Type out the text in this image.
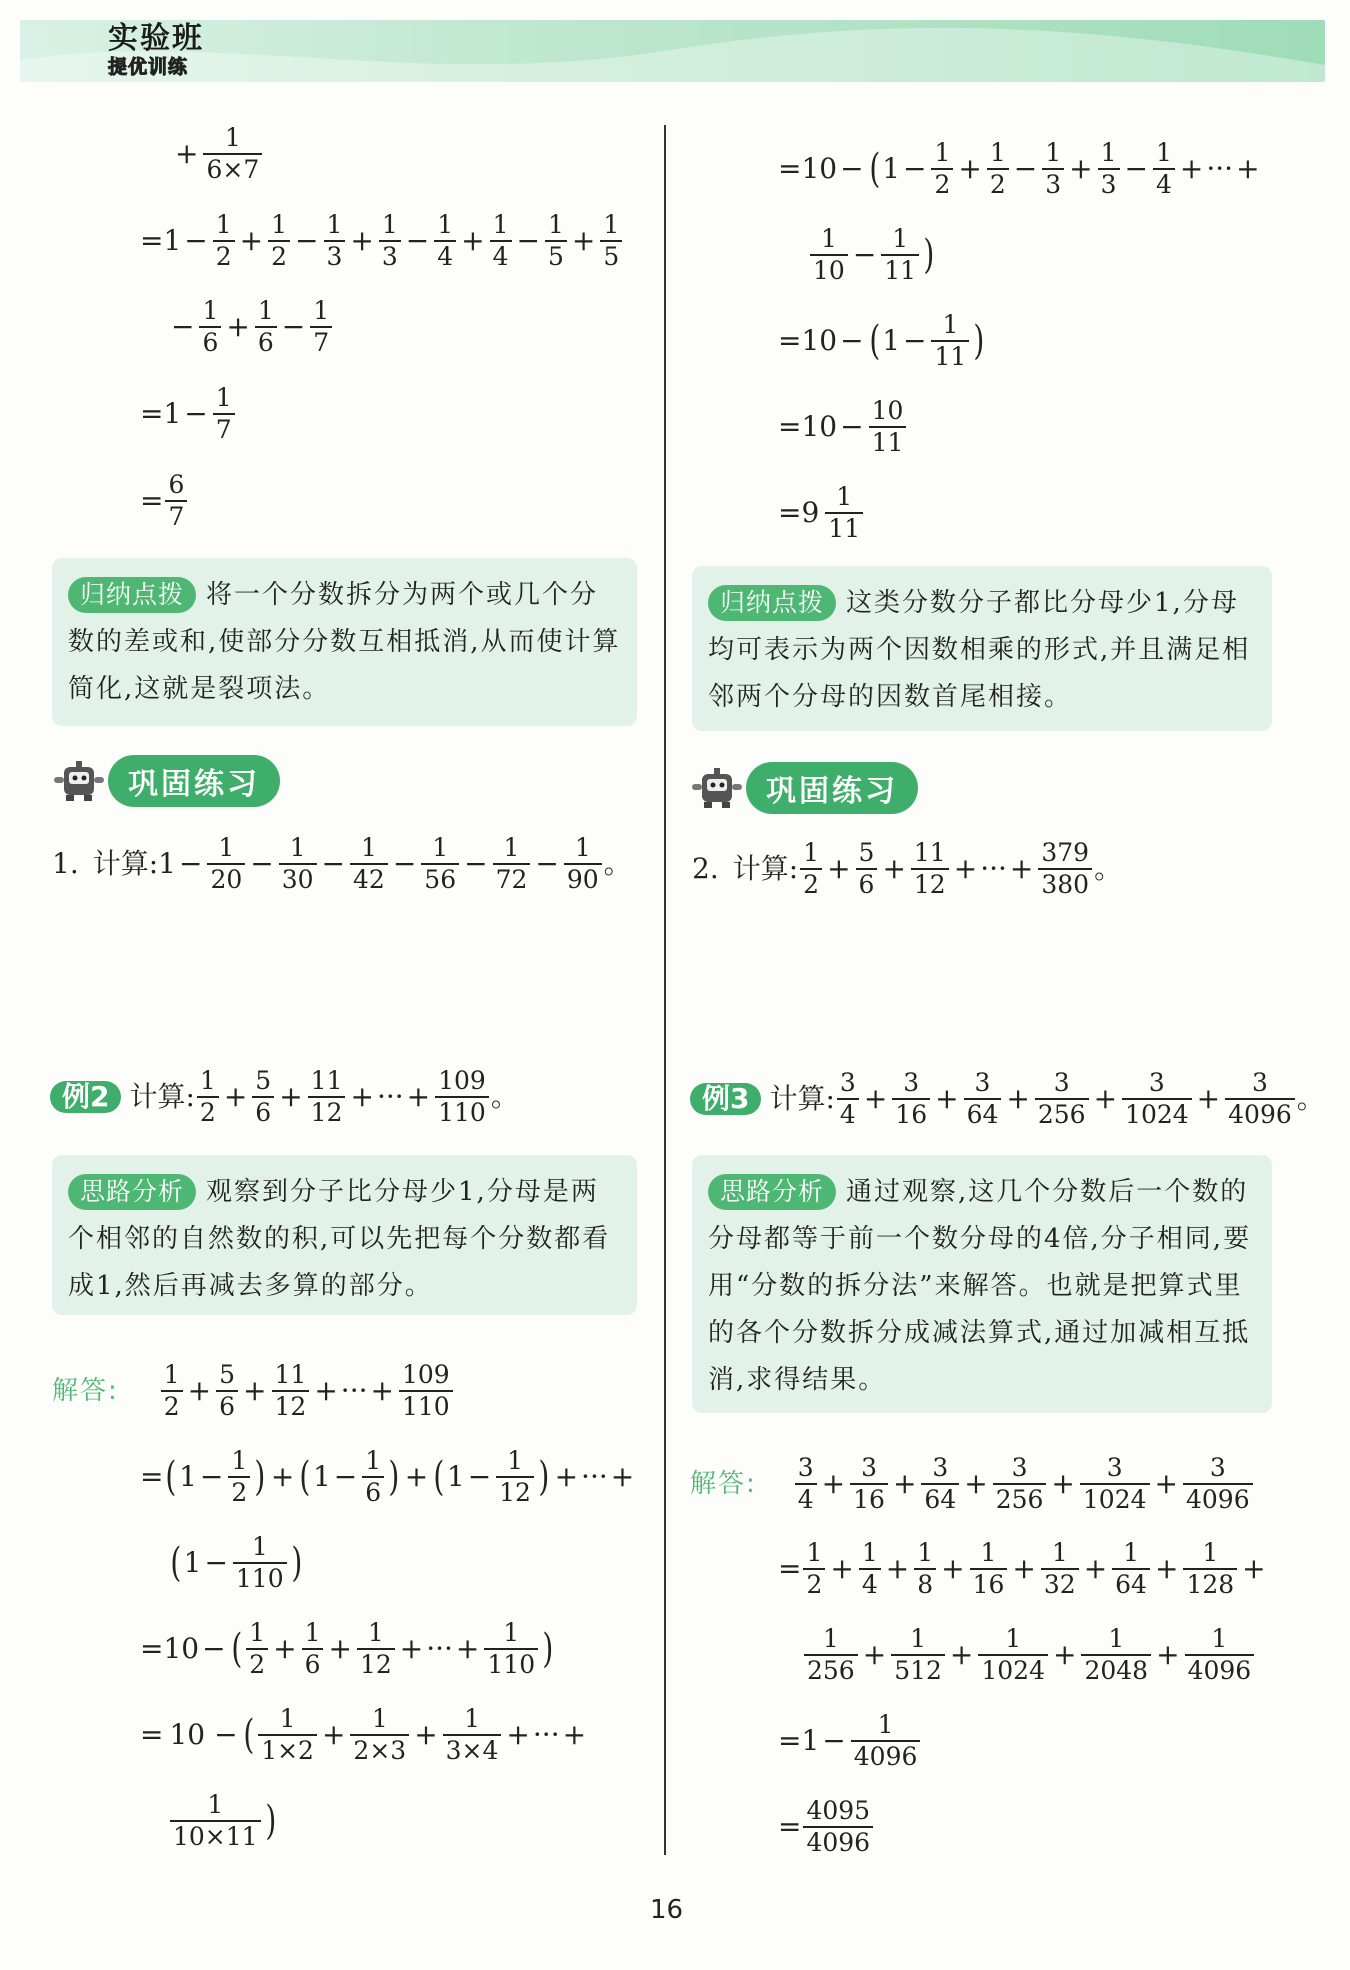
实验班
提优训练
+ $\frac{1}{6\times 7}$
= $1 - \frac{1}{2} + \frac{1}{2} - \frac{1}{3} + \frac{1}{3} - \frac{1}{4} + \frac{1}{4} - \frac{1}{5} + \frac{1}{5}$
− $\frac{1}{6} + \frac{1}{6} - \frac{1}{7}$
= $1 - \frac{1}{7}$
= $\frac{6}{7}$
归纳点拨 将一个分数拆分为两个或几个分数的差或和,使部分分数互相抵消,从而使计算简化,这就是裂项法。
巩固练习
1. 计算: $1 - \frac{1}{20} - \frac{1}{30} - \frac{1}{42} - \frac{1}{56} - \frac{1}{72} - \frac{1}{90}$ 。
例2 计算: $\frac{1}{2} + \frac{5}{6} + \frac{11}{12}$ + ··· + $\frac{109}{110}$ 。
思路分析 观察到分子比分母少1,分母是两个相邻的自然数的积,可以先把每个分数都看成1,然后再减去多算的部分。
解答: $\frac{1}{2} + \frac{5}{6} + \frac{11}{12}$ + ··· + $\frac{109}{110}$
= ( $1 - \frac{1}{2}$ ) + ( $1 - \frac{1}{6}$ ) + ( $1 - \frac{1}{12}$ ) + ··· +
( $1 - \frac{1}{110}$ )
= 10 − ( $\frac{1}{2} + \frac{1}{6} + \frac{1}{12}$ + ··· + $\frac{1}{110}$ )
= 10 − ( $\frac{1}{1\times 2} + \frac{1}{2\times 3} + \frac{1}{3\times 4}$ + ··· +
$\frac{1}{10\times 11}$ )
= 10 − ( $1 - \frac{1}{2} + \frac{1}{2} - \frac{1}{3} + \frac{1}{3} - \frac{1}{4}$ + ··· +
$\frac{1}{10} - \frac{1}{11}$ )
= 10 − ( $1 - \frac{1}{11}$ )
= $10 - \frac{10}{11}$
= $9 \frac{1}{11}$
归纳点拨 这类分数分子都比分母少1,分母均可表示为两个因数相乘的形式,并且满足相邻两个分母的因数首尾相接。
巩固练习
2. 计算: $\frac{1}{2} + \frac{5}{6} + \frac{11}{12}$ + ··· + $\frac{379}{380}$ 。
例3 计算: $\frac{3}{4} + \frac{3}{16} + \frac{3}{64} + \frac{3}{256} + \frac{3}{1024} + \frac{3}{4096}$ 。
思路分析 通过观察,这几个分数后一个数的分母都等于前一个数分母的4倍,分子相同,要用“分数的拆分法”来解答。也就是把算式里的各个分数拆分成减法算式,通过加减相互抵消,求得结果。
解答: $\frac{3}{4} + \frac{3}{16} + \frac{3}{64} + \frac{3}{256} + \frac{3}{1024} + \frac{3}{4096}$
= $\frac{1}{2} + \frac{1}{4} + \frac{1}{8} + \frac{1}{16} + \frac{1}{32} + \frac{1}{64} + \frac{1}{128}$ +
$\frac{1}{256} + \frac{1}{512} + \frac{1}{1024} + \frac{1}{2048} + \frac{1}{4096}$
= $1 - \frac{1}{4096}$
= $\frac{4095}{4096}$
16
